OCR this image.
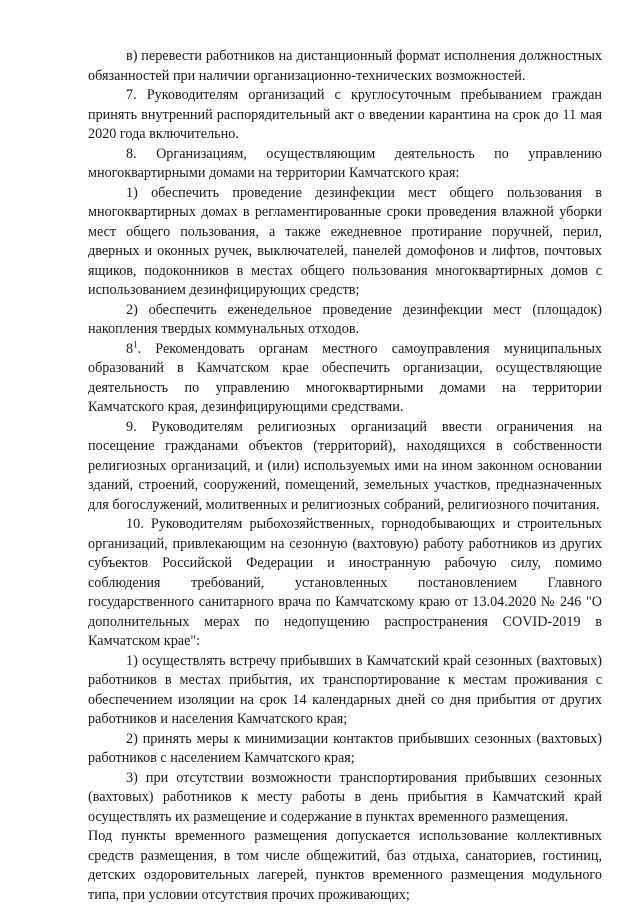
в) перевести работников на дистанционный формат исполнения должностных обязанностей при наличии организационно-технических возможностей.

7. Руководителям организаций с круглосуточным пребыванием граждан принять внутренний распорядительный акт о введении карантина на срок до 11 мая 2020 года включительно.

8. Организациям, осуществляющим деятельность по управлению многоквартирными домами на территории Камчатского края:

1) обеспечить проведение дезинфекции мест общего пользования в многоквартирных домах в регламентированные сроки проведения влажной уборки мест общего пользования, а также ежедневное протирание поручней, перил, дверных и оконных ручек, выключателей, панелей домофонов и лифтов, почтовых ящиков, подоконников в местах общего пользования многоквартирных домов с использованием дезинфицирующих средств;

2) обеспечить еженедельное проведение дезинфекции мест (площадок) накопления твердых коммунальных отходов.

$8^1$. Рекомендовать органам местного самоуправления муниципальных образований в Камчатском крае обеспечить организации, осуществляющие деятельность по управлению многоквартирными домами на территории Камчатского края, дезинфицирующими средствами.

9. Руководителям религиозных организаций ввести ограничения на посещение гражданами объектов (территорий), находящихся в собственности религиозных организаций, и (или) используемых ими на ином законном основании зданий, строений, сооружений, помещений, земельных участков, предназначенных для богослужений, молитвенных и религиозных собраний, религиозного почитания.

10. Руководителям рыбохозяйственных, горнодобывающих и строительных организаций, привлекающим на сезонную (вахтовую) работу работников из других субъектов Российской Федерации и иностранную рабочую силу, помимо соблюдения требований, установленных постановлением Главного государственного санитарного врача по Камчатскому краю от 13.04.2020 № 246 "О дополнительных мерах по недопущению распространения COVID-2019 в Камчатском крае":

1) осуществлять встречу прибывших в Камчатский край сезонных (вахтовых) работников в местах прибытия, их транспортирование к местам проживания с обеспечением изоляции на срок 14 календарных дней со дня прибытия от других работников и населения Камчатского края;

2) принять меры к минимизации контактов прибывших сезонных (вахтовых) работников с населением Камчатского края;

3) при отсутствии возможности транспортирования прибывших сезонных (вахтовых) работников к месту работы в день прибытия в Камчатский край осуществлять их размещение и содержание в пунктах временного размещения.

Под пункты временного размещения допускается использование коллективных средств размещения, в том числе общежитий, баз отдыха, санаториев, гостиниц, детских оздоровительных лагерей, пунктов временного размещения модульного типа, при условии отсутствия прочих проживающих;
